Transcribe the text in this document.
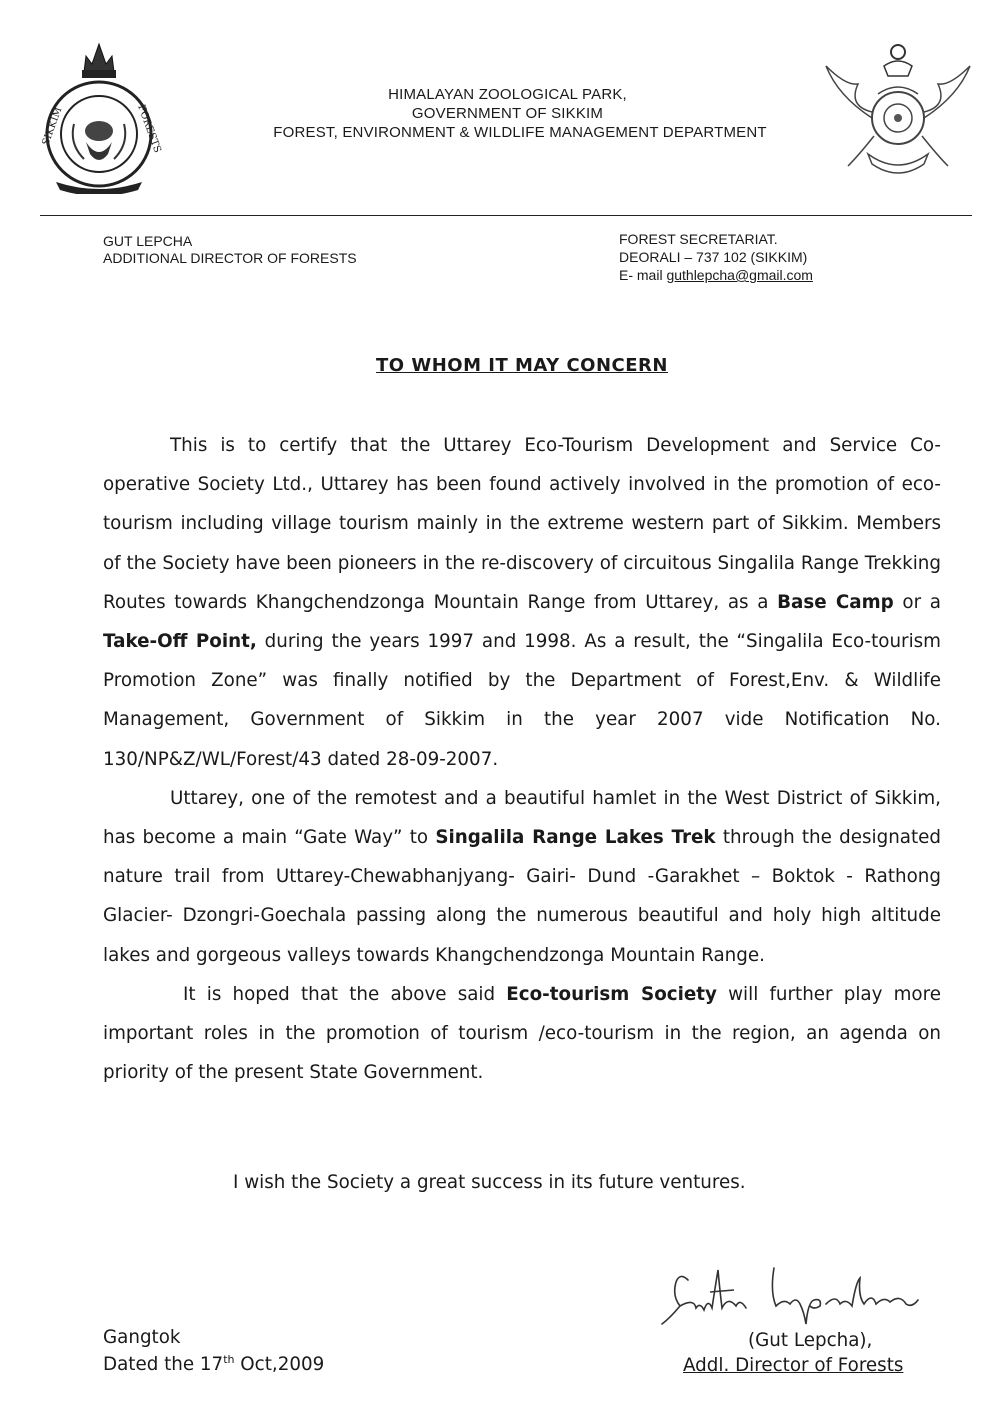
SIKKIM	FORESTS
HIMALAYAN ZOOLOGICAL PARK,
GOVERNMENT OF SIKKIM
FOREST, ENVIRONMENT & WILDLIFE MANAGEMENT DEPARTMENT
GUT LEPCHA
ADDITIONAL DIRECTOR OF FORESTS
FOREST SECRETARIAT.
DEORALI – 737 102 (SIKKIM)
E- mail guthlepcha@gmail.com
TO WHOM IT MAY CONCERN

This is to certify that the Uttarey Eco-Tourism Development and Service Co-operative Society Ltd., Uttarey has been found actively involved in the promotion of eco-tourism including village tourism mainly in the extreme western part of Sikkim. Members of the Society have been pioneers in the re-discovery of circuitous Singalila Range Trekking Routes towards Khangchendzonga Mountain Range from Uttarey, as a Base Camp or a Take-Off Point, during the years 1997 and 1998. As a result, the “Singalila Eco-tourism Promotion Zone” was finally notified by the Department of Forest,Env. & Wildlife Management, Government of Sikkim in the year 2007 vide Notification No. 130/NP&Z/WL/Forest/43 dated 28-09-2007.

Uttarey, one of the remotest and a beautiful hamlet in the West District of Sikkim, has become a main “Gate Way” to Singalila Range Lakes Trek through the designated nature trail from Uttarey-Chewabhanjyang- Gairi- Dund -Garakhet – Boktok - Rathong Glacier- Dzongri-Goechala passing along the numerous beautiful and holy high altitude lakes and gorgeous valleys towards Khangchendzonga Mountain Range.

It is hoped that the above said Eco-tourism Society will further play more important roles in the promotion of tourism /eco-tourism in the region, an agenda on priority of the present State Government.

I wish the Society a great success in its future ventures.
Gangtok
Dated the 17th Oct,2009
(Gut Lepcha),
Addl. Director of Forests
